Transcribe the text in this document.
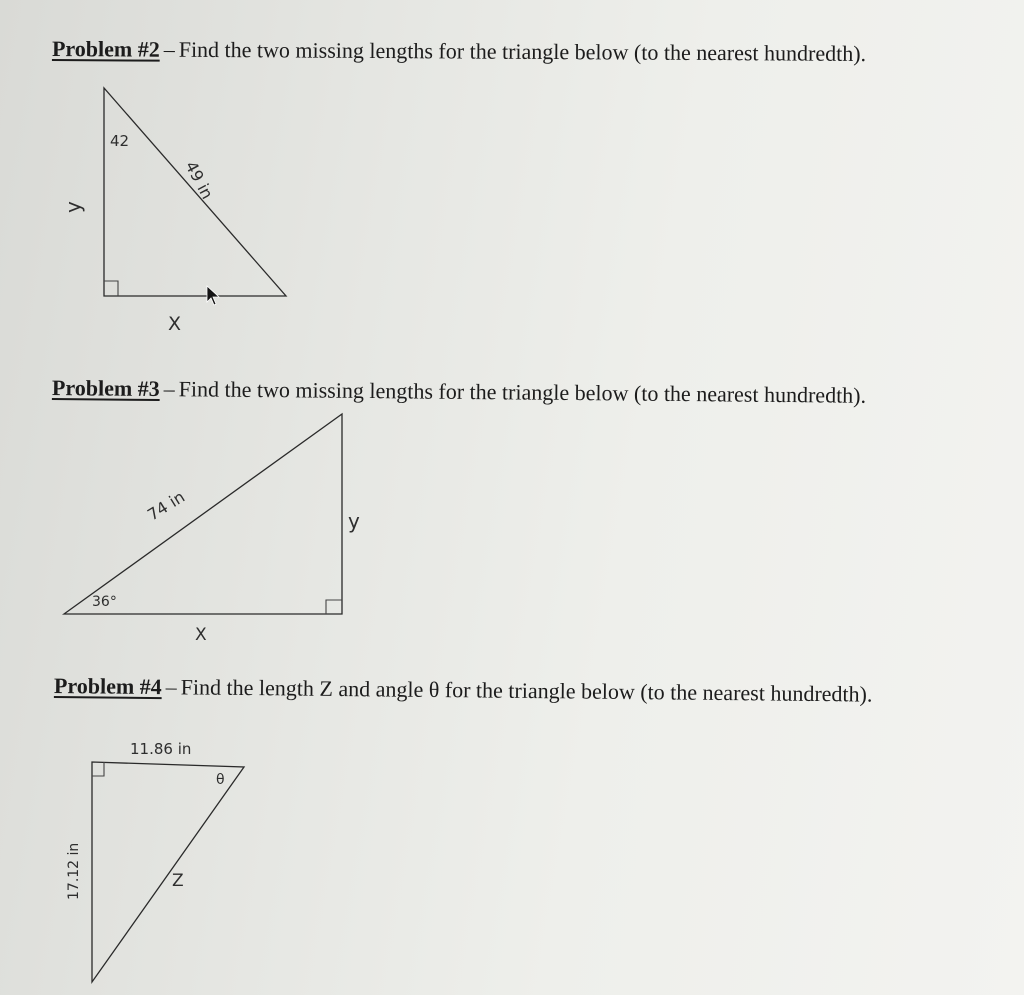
Problem #2 – Find the two missing lengths for the triangle below (to the nearest hundredth).
42
49 in
y
X
Problem #3 – Find the two missing lengths for the triangle below (to the nearest hundredth).
36°
74 in	y
X
Problem #4 – Find the length Z and angle θ for the triangle below (to the nearest hundredth).
11.86 in
17.12 in	Z
θ
